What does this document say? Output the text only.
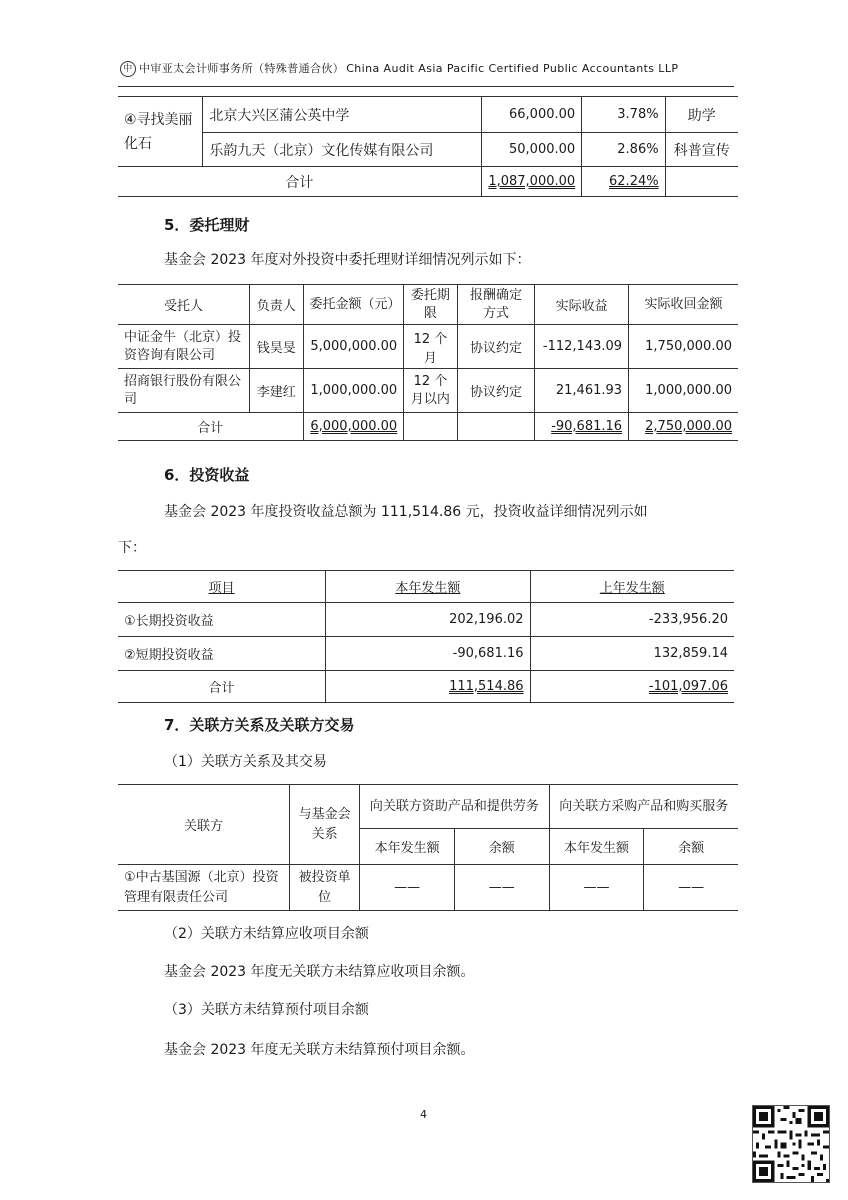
中 中审亚太会计师事务所（特殊普通合伙） China Audit Asia Pacific Certified Public Accountants LLP
④寻找美丽化石	北京大兴区蒲公英中学	66,000.00	3.78%	助学
	乐韵九天（北京）文化传媒有限公司	50,000.00	2.86%	科普宣传
合计		1,087,000.00	62.24%	
5．委托理财
基金会 2023 年度对外投资中委托理财详细情况列示如下：
受托人	负责人	委托金额（元）	委托期限	报酬确定方式	实际收益	实际收回金额
中证金牛（北京）投资咨询有限公司	钱昊旻	5,000,000.00	12 个月	协议约定	-112,143.09	1,750,000.00
招商银行股份有限公司	李建红	1,000,000.00	12 个月以内	协议约定	21,461.93	1,000,000.00
合计		6,000,000.00			-90,681.16	2,750,000.00
6．投资收益
基金会 2023 年度投资收益总额为 111,514.86 元，投资收益详细情况列示如
下：
项目	本年发生额	上年发生额
①长期投资收益	202,196.02	-233,956.20
②短期投资收益	-90,681.16	132,859.14
合计	111,514.86	-101,097.06
7．关联方关系及关联方交易
（1）关联方关系及其交易
关联方	与基金会关系	向关联方资助产品和提供劳务		向关联方采购产品和购买服务	
		本年发生额	余额	本年发生额	余额
①中古基国源（北京）投资管理有限责任公司	被投资单位	——	——	——	——
（2）关联方未结算应收项目余额
基金会 2023 年度无关联方未结算应收项目余额。
（3）关联方未结算预付项目余额
基金会 2023 年度无关联方未结算预付项目余额。
4
